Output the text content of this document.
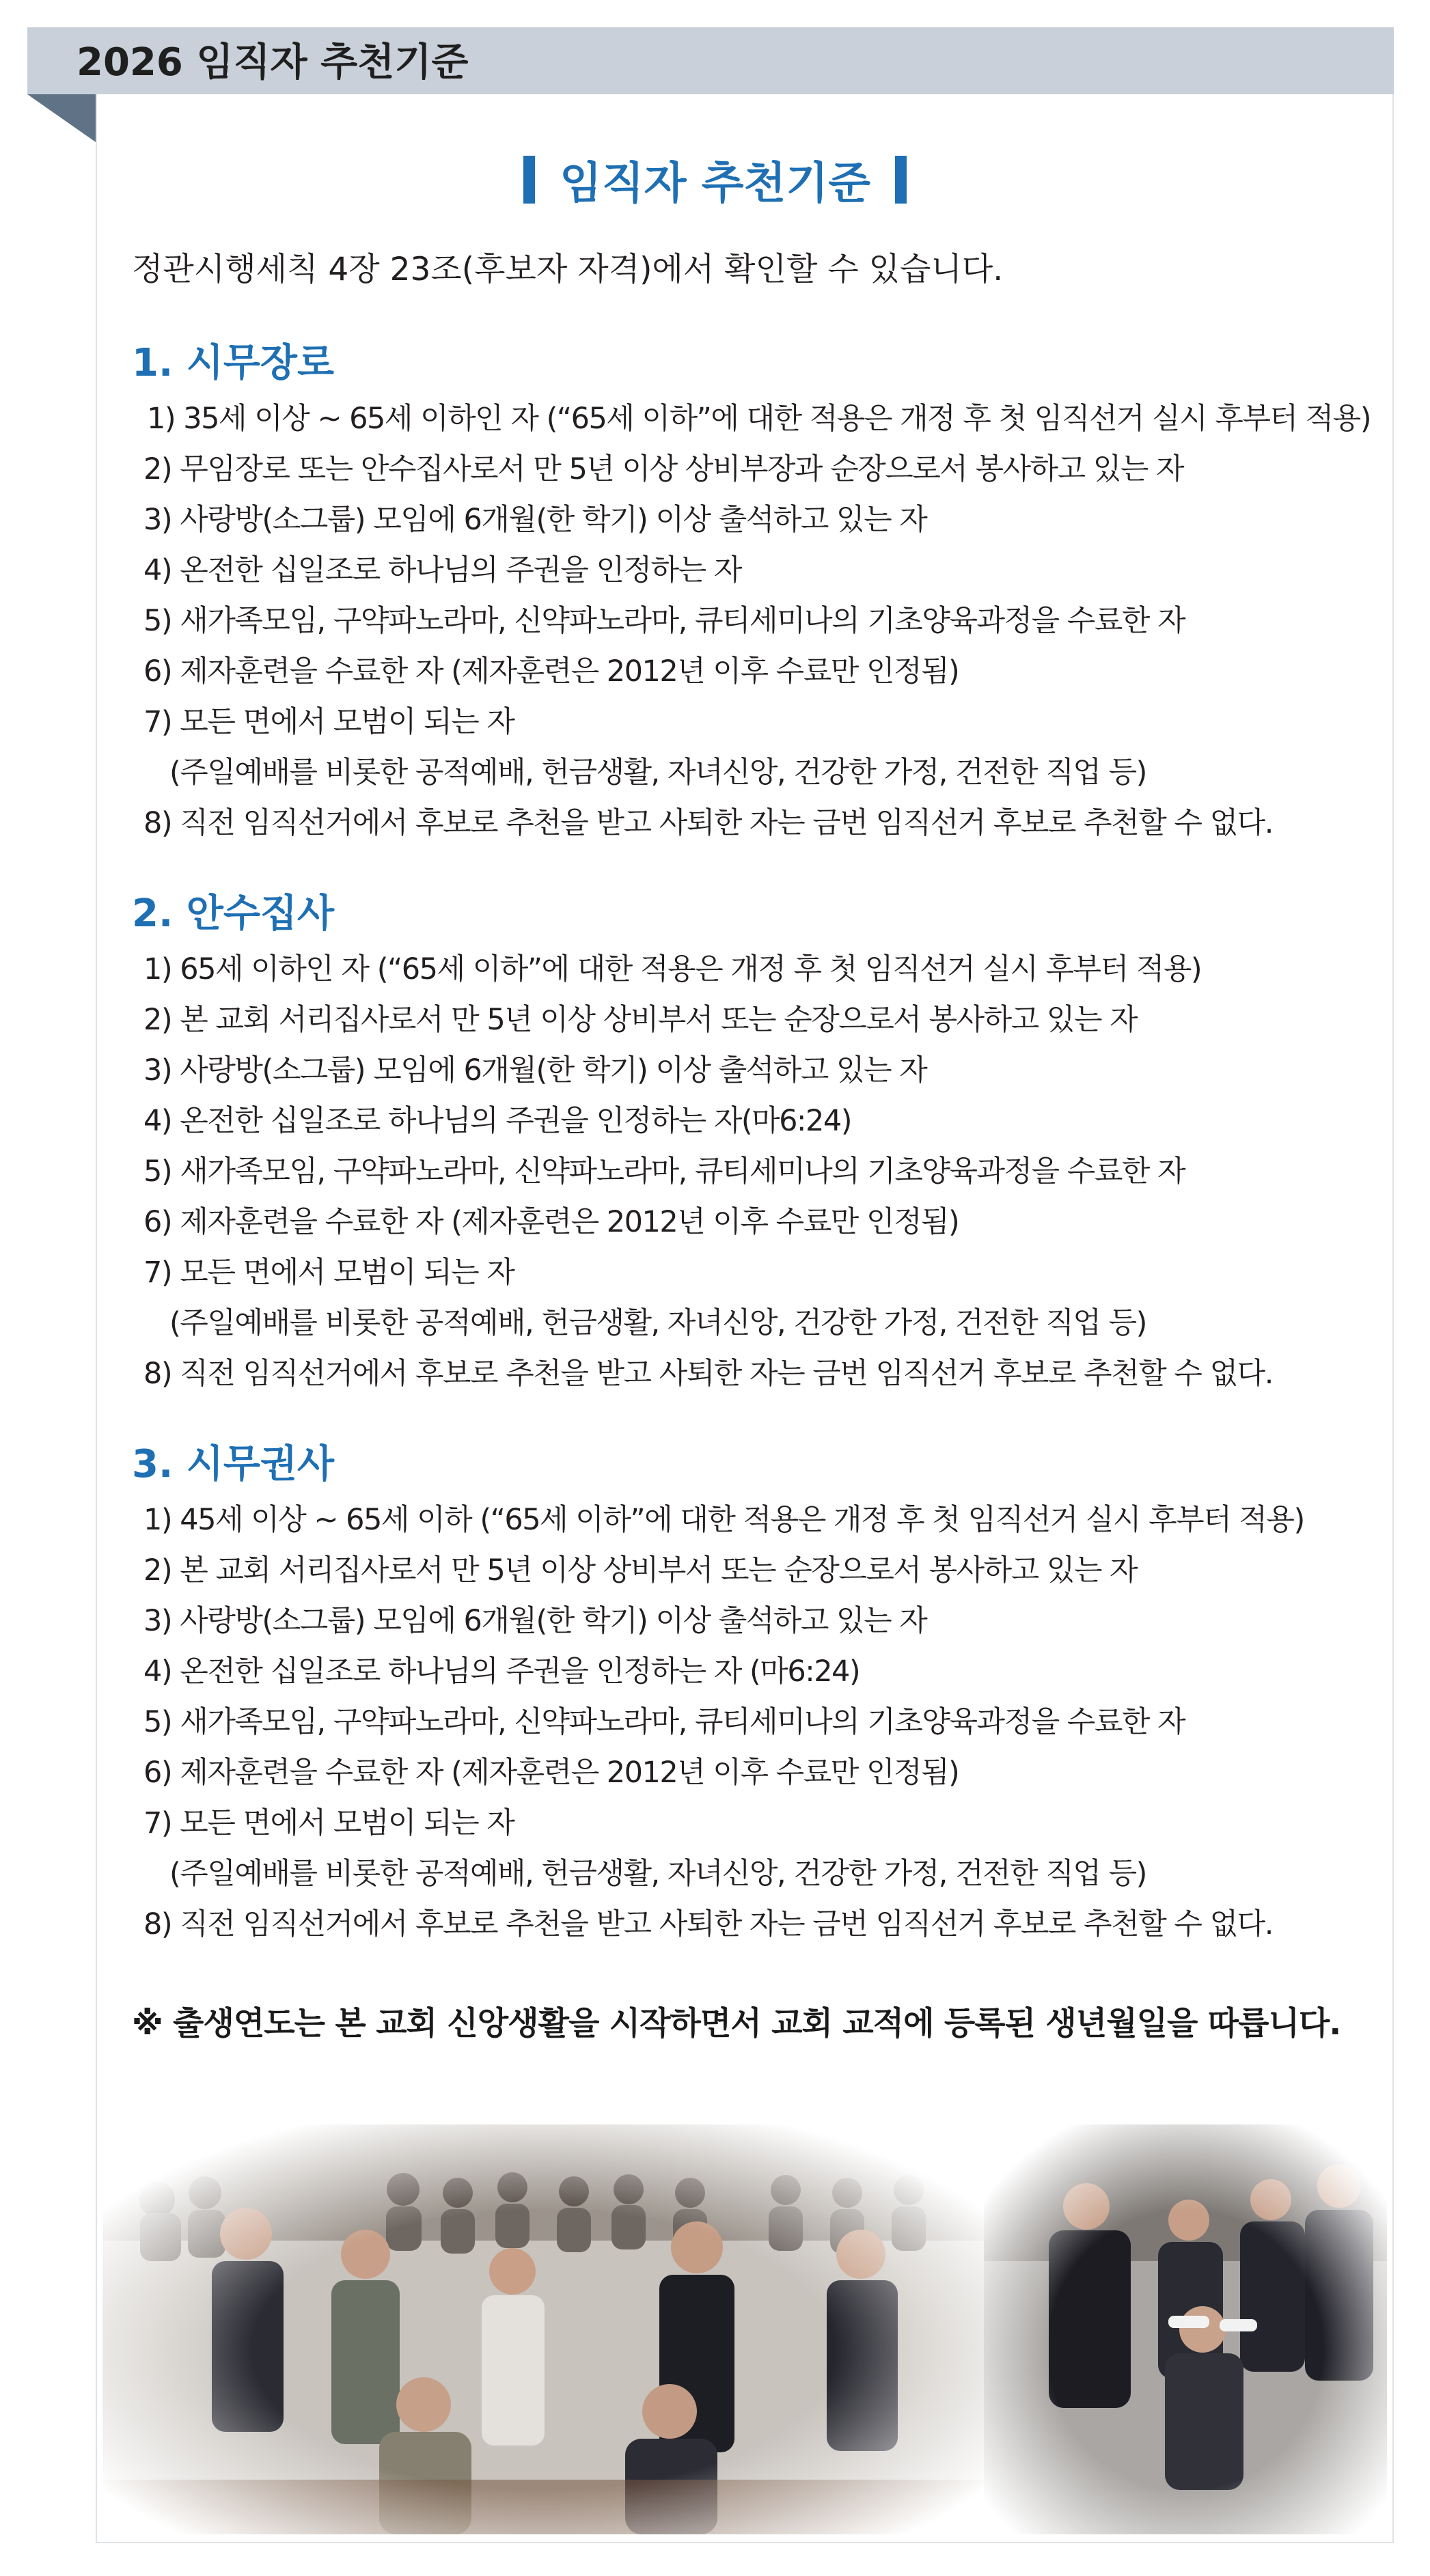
2026 임직자 추천기준
임직자 추천기준
정관시행세칙 4장 23조(후보자 자격)에서 확인할 수 있습니다.
1. 시무장로
1) 35세 이상 ~ 65세 이하인 자 (“65세 이하”에 대한 적용은 개정 후 첫 임직선거 실시 후부터 적용)
2) 무임장로 또는 안수집사로서 만 5년 이상 상비부장과 순장으로서 봉사하고 있는 자
3) 사랑방(소그룹) 모임에 6개월(한 학기) 이상 출석하고 있는 자
4) 온전한 십일조로 하나님의 주권을 인정하는 자
5) 새가족모임, 구약파노라마, 신약파노라마, 큐티세미나의 기초양육과정을 수료한 자
6) 제자훈련을 수료한 자 (제자훈련은 2012년 이후 수료만 인정됨)
7) 모든 면에서 모범이 되는 자
(주일예배를 비롯한 공적예배, 헌금생활, 자녀신앙, 건강한 가정, 건전한 직업 등)
8) 직전 임직선거에서 후보로 추천을 받고 사퇴한 자는 금번 임직선거 후보로 추천할 수 없다.
2. 안수집사
1) 65세 이하인 자 (“65세 이하”에 대한 적용은 개정 후 첫 임직선거 실시 후부터 적용)
2) 본 교회 서리집사로서 만 5년 이상 상비부서 또는 순장으로서 봉사하고 있는 자
3) 사랑방(소그룹) 모임에 6개월(한 학기) 이상 출석하고 있는 자
4) 온전한 십일조로 하나님의 주권을 인정하는 자(마6:24)
5) 새가족모임, 구약파노라마, 신약파노라마, 큐티세미나의 기초양육과정을 수료한 자
6) 제자훈련을 수료한 자 (제자훈련은 2012년 이후 수료만 인정됨)
7) 모든 면에서 모범이 되는 자
(주일예배를 비롯한 공적예배, 헌금생활, 자녀신앙, 건강한 가정, 건전한 직업 등)
8) 직전 임직선거에서 후보로 추천을 받고 사퇴한 자는 금번 임직선거 후보로 추천할 수 없다.
3. 시무권사
1) 45세 이상 ~ 65세 이하 (“65세 이하”에 대한 적용은 개정 후 첫 임직선거 실시 후부터 적용)
2) 본 교회 서리집사로서 만 5년 이상 상비부서 또는 순장으로서 봉사하고 있는 자
3) 사랑방(소그룹) 모임에 6개월(한 학기) 이상 출석하고 있는 자
4) 온전한 십일조로 하나님의 주권을 인정하는 자 (마6:24)
5) 새가족모임, 구약파노라마, 신약파노라마, 큐티세미나의 기초양육과정을 수료한 자
6) 제자훈련을 수료한 자 (제자훈련은 2012년 이후 수료만 인정됨)
7) 모든 면에서 모범이 되는 자
(주일예배를 비롯한 공적예배, 헌금생활, 자녀신앙, 건강한 가정, 건전한 직업 등)
8) 직전 임직선거에서 후보로 추천을 받고 사퇴한 자는 금번 임직선거 후보로 추천할 수 없다.
※ 출생연도는 본 교회 신앙생활을 시작하면서 교회 교적에 등록된 생년월일을 따릅니다.
